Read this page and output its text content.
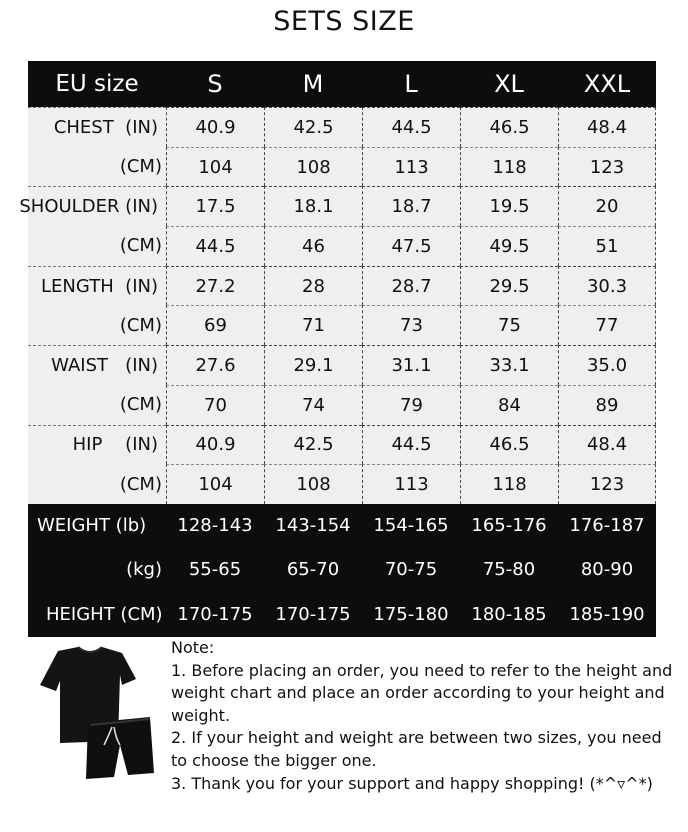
SETS SIZE
EU size	S	M	L	XL	XXL
CHEST  (IN)	40.9	42.5	44.5	46.5	48.4
(CM)	104	108	113	118	123
SHOULDER (IN)	17.5	18.1	18.7	19.5	20
(CM)	44.5	46	47.5	49.5	51
LENGTH  (IN)	27.2	28	28.7	29.5	30.3
(CM)	69	71	73	75	77
WAIST   (IN)	27.6	29.1	31.1	33.1	35.0
(CM)	70	74	79	84	89
HIP    (IN)	40.9	42.5	44.5	46.5	48.4
(CM)	104	108	113	118	123
WEIGHT (lb)	128-143	143-154	154-165	165-176	176-187
(kg)	55-65	65-70	70-75	75-80	80-90
HEIGHT (CM) 170-175	170-175	175-180	180-185	185-190
Note:
1. Before placing an order, you need to refer to the height and
weight chart and place an order according to your height and
weight.
2. If your height and weight are between two sizes, you need
to choose the bigger one.
3. Thank you for your support and happy shopping! (*^▿^*)
